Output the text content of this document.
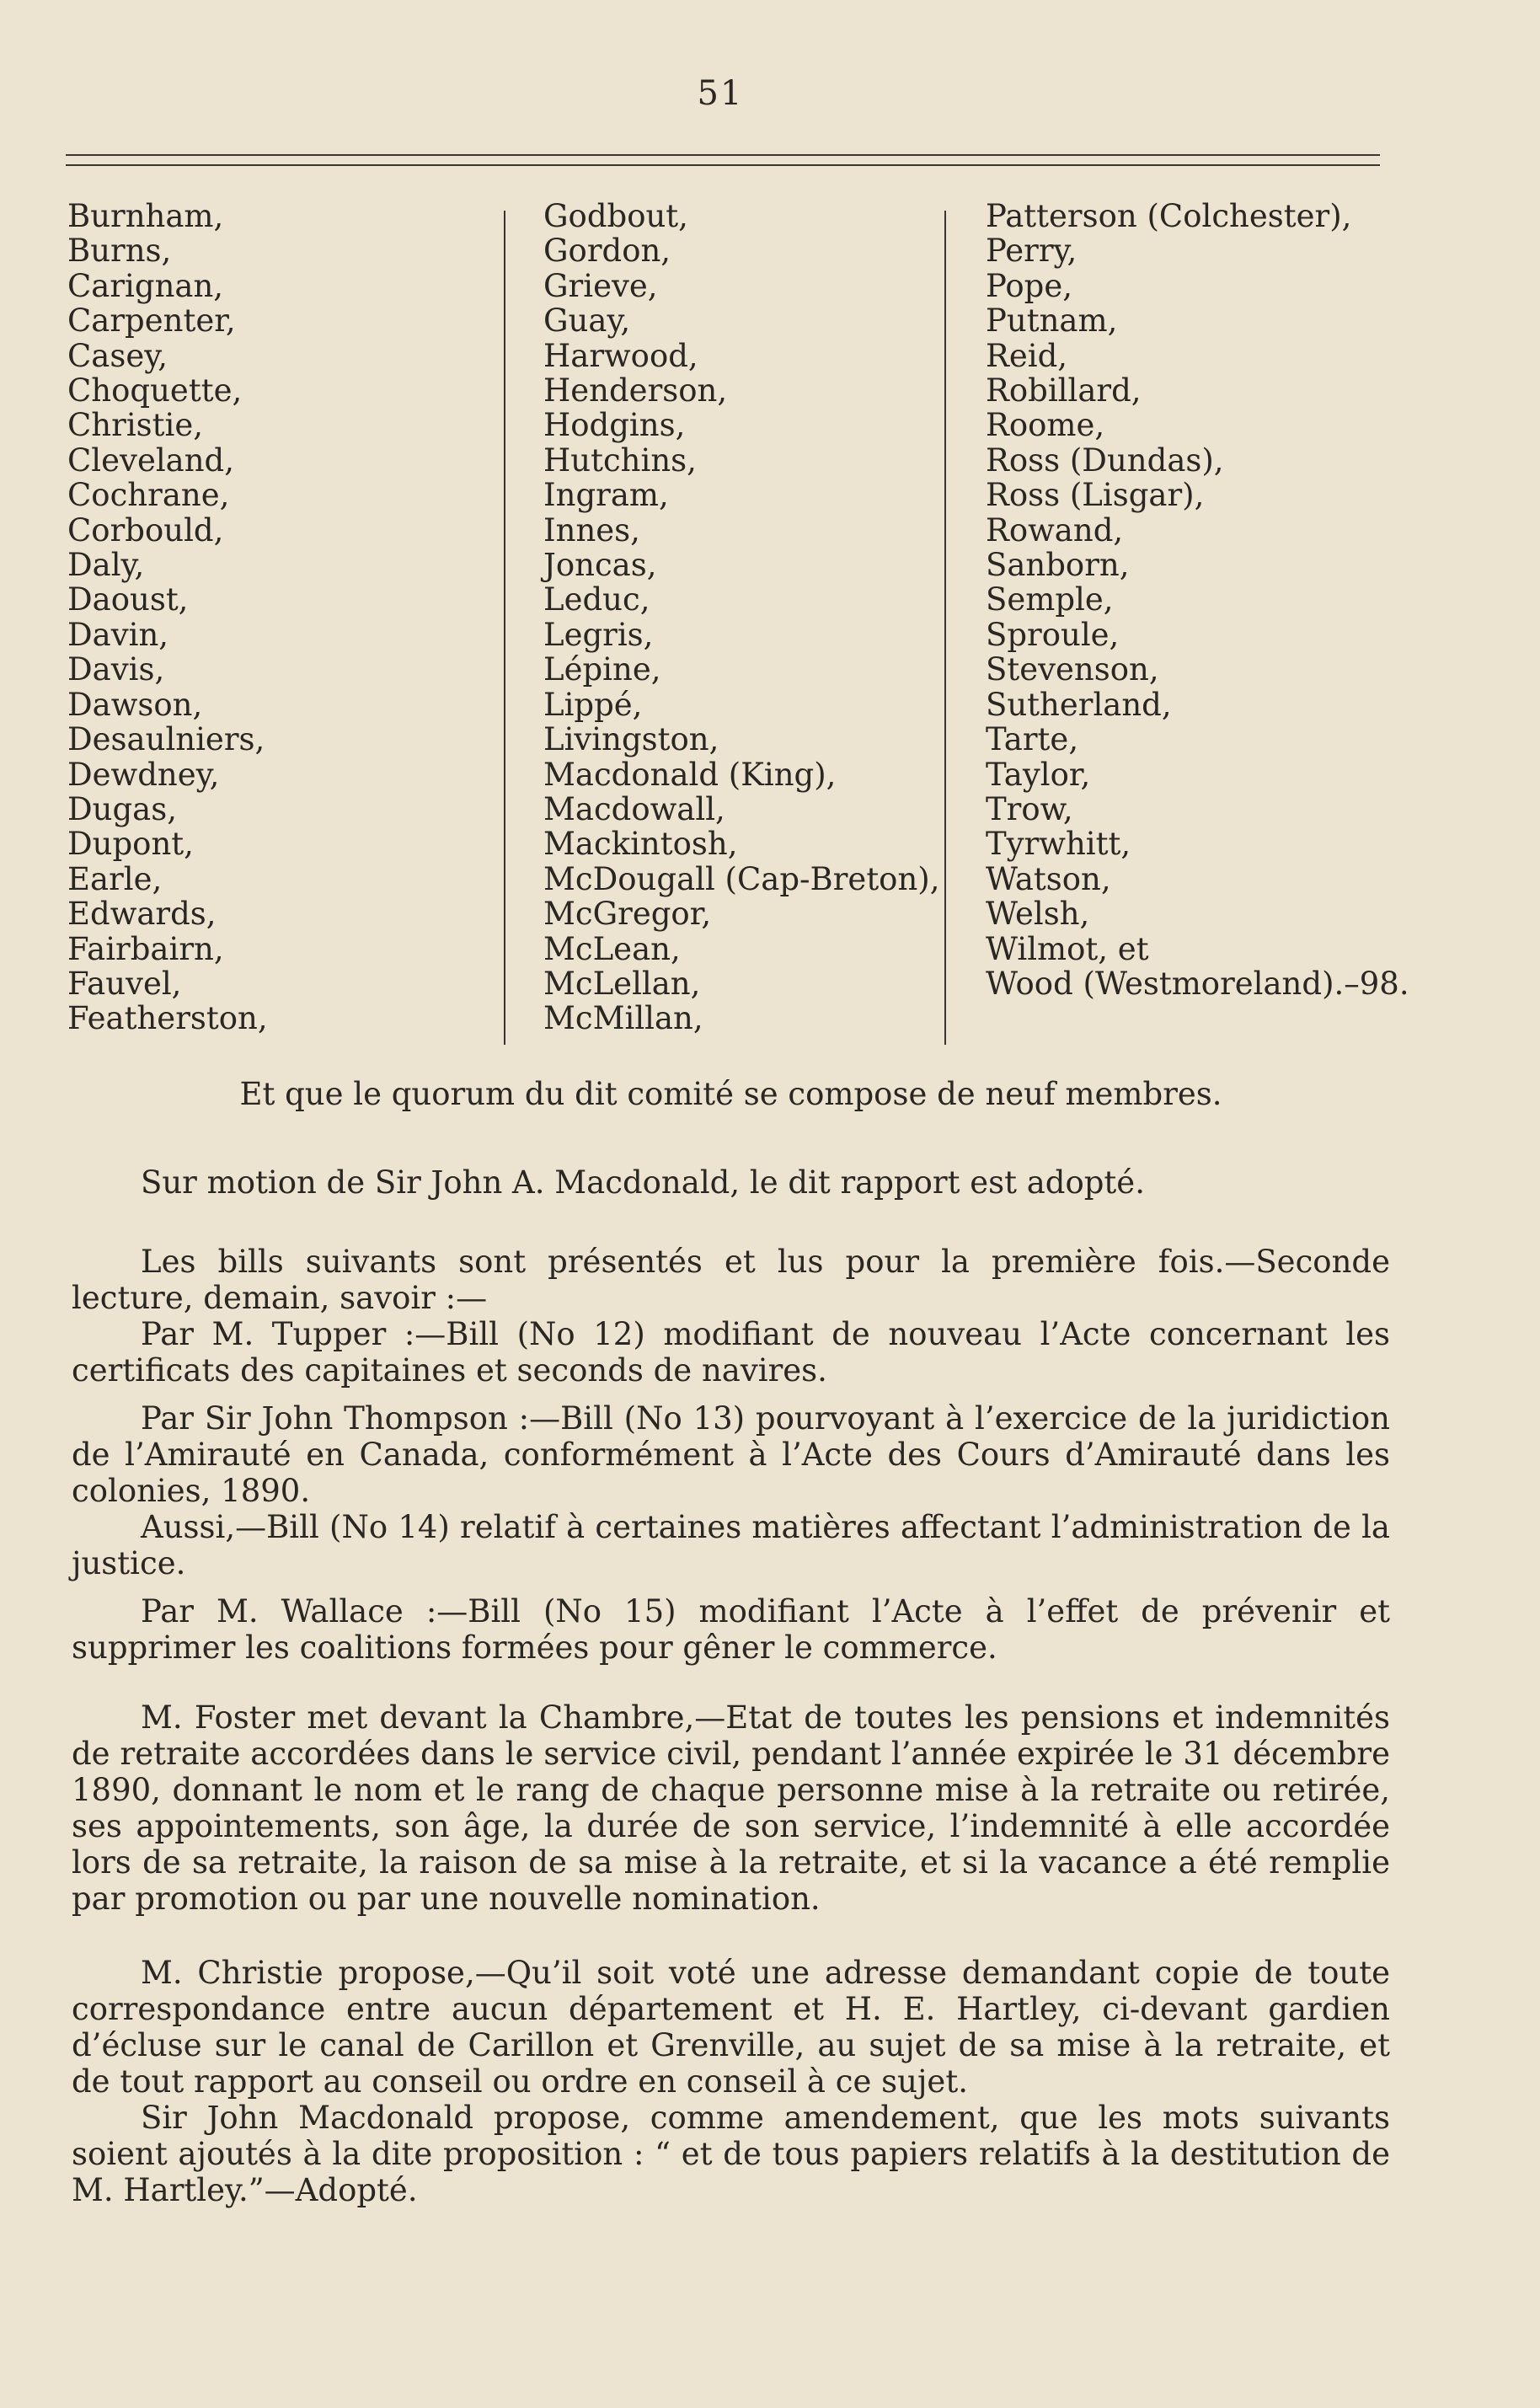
51
Burnham,
Burns,
Carignan,
Carpenter,
Casey,
Choquette,
Christie,
Cleveland,
Cochrane,
Corbould,
Daly,
Daoust,
Davin,
Davis,
Dawson,
Desaulniers,
Dewdney,
Dugas,
Dupont,
Earle,
Edwards,
Fairbairn,
Fauvel,
Featherston,
Godbout,
Gordon,
Grieve,
Guay,
Harwood,
Henderson,
Hodgins,
Hutchins,
Ingram,
Innes,
Joncas,
Leduc,
Legris,
Lépine,
Lippé,
Livingston,
Macdonald (King),
Macdowall,
Mackintosh,
McDougall (Cap-Breton),
McGregor,
McLean,
McLellan,
McMillan,
Patterson (Colchester),
Perry,
Pope,
Putnam,
Reid,
Robillard,
Roome,
Ross (Dundas),
Ross (Lisgar),
Rowand,
Sanborn,
Semple,
Sproule,
Stevenson,
Sutherland,
Tarte,
Taylor,
Trow,
Tyrwhitt,
Watson,
Welsh,
Wilmot, et
Wood (Westmoreland).–98.

Et que le quorum du dit comité se compose de neuf membres.

Sur motion de Sir John A. Macdonald, le dit rapport est adopté.

Les bills suivants sont présentés et lus pour la première fois.—Seconde lecture, demain, savoir :—

Par M. Tupper :—Bill (No 12) modifiant de nouveau l’Acte concernant les certificats des capitaines et seconds de navires.

Par Sir John Thompson :—Bill (No 13) pourvoyant à l’exercice de la juridiction de l’Amirauté en Canada, conformément à l’Acte des Cours d’Amirauté dans les colonies, 1890.

Aussi,—Bill (No 14) relatif à certaines matières affectant l’administration de la justice.

Par M. Wallace :—Bill (No 15) modifiant l’Acte à l’effet de prévenir et supprimer les coalitions formées pour gêner le commerce.

M. Foster met devant la Chambre,—Etat de toutes les pensions et indemnités de retraite accordées dans le service civil, pendant l’année expirée le 31 décembre 1890, donnant le nom et le rang de chaque personne mise à la retraite ou retirée, ses appointements, son âge, la durée de son service, l’indemnité à elle accordée lors de sa retraite, la raison de sa mise à la retraite, et si la vacance a été remplie par promotion ou par une nouvelle nomination.

M. Christie propose,—Qu’il soit voté une adresse demandant copie de toute correspondance entre aucun département et H. E. Hartley, ci-devant gardien d’écluse sur le canal de Carillon et Grenville, au sujet de sa mise à la retraite, et de tout rapport au conseil ou ordre en conseil à ce sujet.

Sir John Macdonald propose, comme amendement, que les mots suivants soient ajoutés à la dite proposition : “ et de tous papiers relatifs à la destitution de M. Hartley.”—Adopté.
